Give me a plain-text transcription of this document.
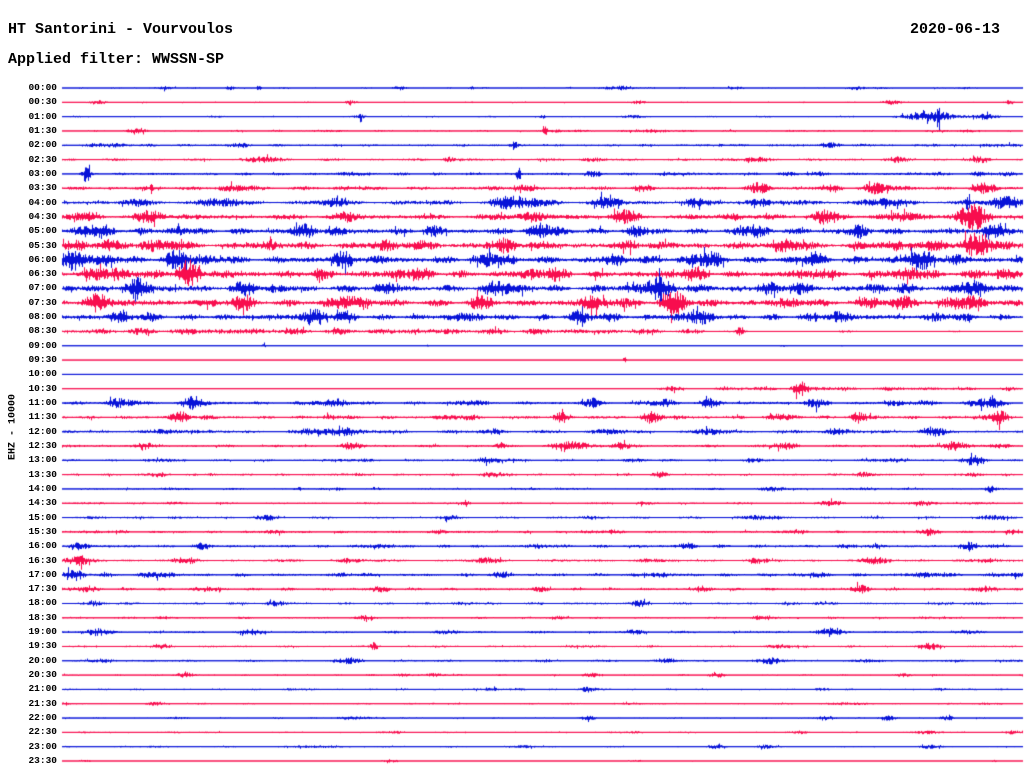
HT Santorini - Vourvoulos	2020-06-13
Applied filter: WWSSN-SP
EHZ - 10000
00:00
00:30
01:00
01:30
02:00
02:30
03:00
03:30
04:00
04:30
05:00
05:30
06:00
06:30
07:00
07:30
08:00
08:30
09:00
09:30
10:00
10:30
11:00
11:30
12:00
12:30
13:00
13:30
14:00
14:30
15:00
15:30
16:00
16:30
17:00
17:30
18:00
18:30
19:00
19:30
20:00
20:30
21:00
21:30
22:00
22:30
23:00
23:30
